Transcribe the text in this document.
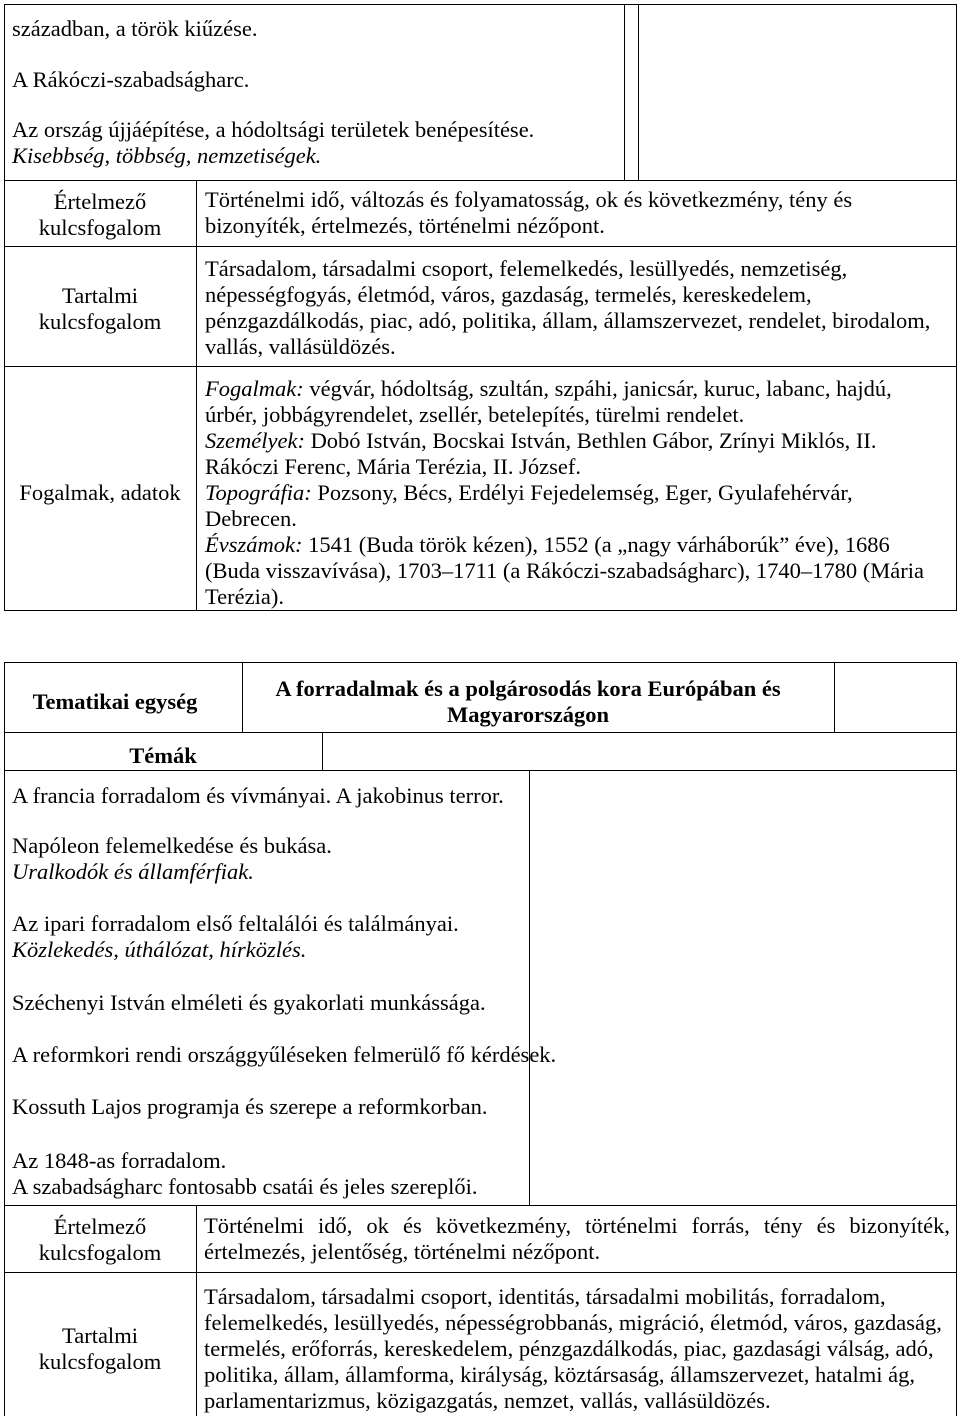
században, a török kiűzése.
A Rákóczi-szabadságharc.
Az ország újjáépítése, a hódoltsági területek benépesítése.
Kisebbség, többség, nemzetiségek.
Értelmező
kulcsfogalom
Történelmi idő, változás és folyamatosság, ok és következmény, tény és
bizonyíték, értelmezés, történelmi nézőpont.
Tartalmi
kulcsfogalom
Társadalom, társadalmi csoport, felemelkedés, lesüllyedés, nemzetiség,
népességfogyás, életmód, város, gazdaság, termelés, kereskedelem,
pénzgazdálkodás, piac, adó, politika, állam, államszervezet, rendelet, birodalom,
vallás, vallásüldözés.
Fogalmak, adatok
Fogalmak: végvár, hódoltság, szultán, szpáhi, janicsár, kuruc, labanc, hajdú,
úrbér, jobbágyrendelet, zsellér, betelepítés, türelmi rendelet.
Személyek: Dobó István, Bocskai István, Bethlen Gábor, Zrínyi Miklós, II.
Rákóczi Ferenc, Mária Terézia, II. József.
Topográfia: Pozsony, Bécs, Erdélyi Fejedelemség, Eger, Gyulafehérvár,
Debrecen.
Évszámok: 1541 (Buda török kézen), 1552 (a „nagy várháborúk” éve), 1686
(Buda visszavívása), 1703–1711 (a Rákóczi-szabadságharc), 1740–1780 (Mária
Terézia).
Tematikai egység
A forradalmak és a polgárosodás kora Európában és
Magyarországon
Témák
A francia forradalom és vívmányai. A jakobinus terror.
Napóleon felemelkedése és bukása.
Uralkodók és államférfiak.
Az ipari forradalom első feltalálói és találmányai.
Közlekedés, úthálózat, hírközlés.
Széchenyi István elméleti és gyakorlati munkássága.
A reformkori rendi országgyűléseken felmerülő fő kérdések.
Kossuth Lajos programja és szerepe a reformkorban.
Az 1848-as forradalom.
A szabadságharc fontosabb csatái és jeles szereplői.
Értelmező
kulcsfogalom
Történelmi idő, ok és következmény, történelmi forrás, tény és bizonyíték,
értelmezés, jelentőség, történelmi nézőpont.
Tartalmi
kulcsfogalom
Társadalom, társadalmi csoport, identitás, társadalmi mobilitás, forradalom,
felemelkedés, lesüllyedés, népességrobbanás, migráció, életmód, város, gazdaság,
termelés, erőforrás, kereskedelem, pénzgazdálkodás, piac, gazdasági válság, adó,
politika, állam, államforma, királyság, köztársaság, államszervezet, hatalmi ág,
parlamentarizmus, közigazgatás, nemzet, vallás, vallásüldözés.
